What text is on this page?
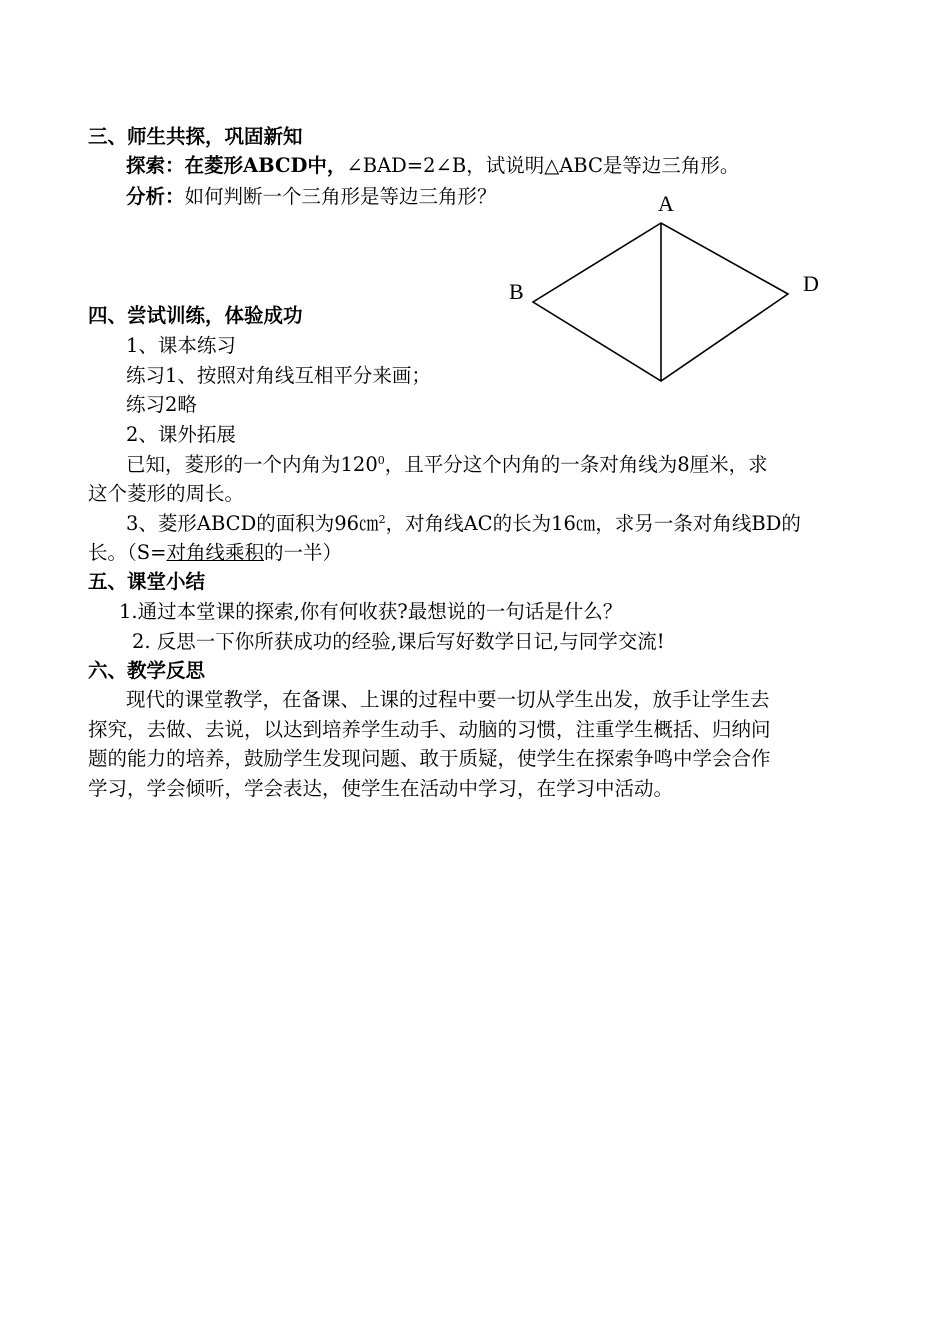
三、师生共探，巩固新知
探索：在菱形ABCD中，∠BAD=2∠B，试说明△ABC是等边三角形。
分析：如何判断一个三角形是等边三角形？	A
B	D
四、尝试训练，体验成功
1、课本练习
练习1、按照对角线互相平分来画；
练习2略
2、课外拓展
已知，菱形的一个内角为$120^0$，且平分这个内角的一条对角线为8厘米，求
这个菱形的周长。
3、菱形ABCD的面积为96㎝$^2$，对角线AC的长为16㎝，求另一条对角线BD的
长。（S=对角线乘积的一半）
五、课堂小结
1.通过本堂课的探索,你有何收获?最想说的一句话是什么？
2. 反思一下你所获成功的经验,课后写好数学日记,与同学交流!
六、教学反思
现代的课堂教学，在备课、上课的过程中要一切从学生出发，放手让学生去
探究，去做、去说，以达到培养学生动手、动脑的习惯，注重学生概括、归纳问
题的能力的培养，鼓励学生发现问题、敢于质疑，使学生在探索争鸣中学会合作
学习，学会倾听，学会表达，使学生在活动中学习，在学习中活动。
